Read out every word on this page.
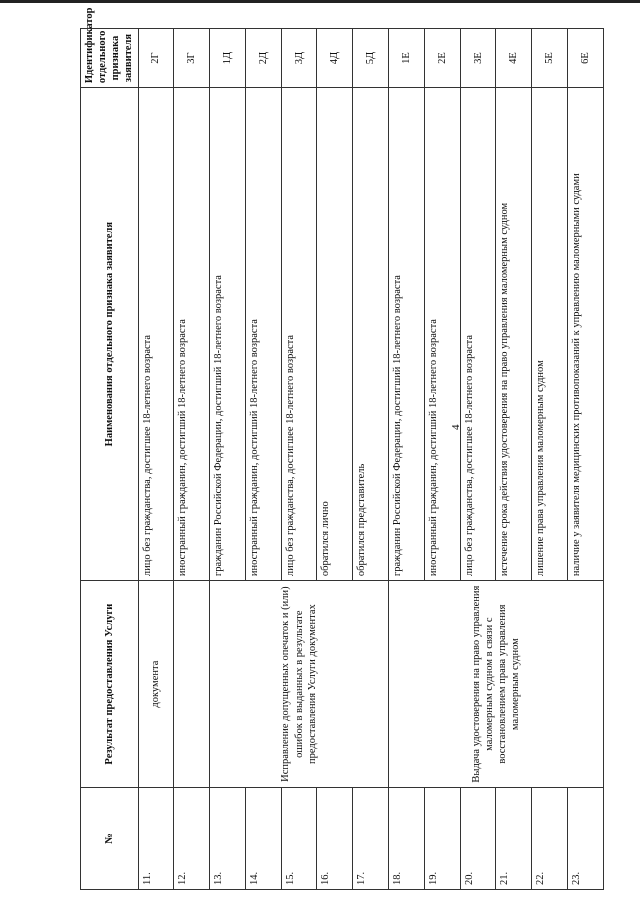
4
№	Результат предоставления Услуги	Наименования отдельного признака заявителя	Идентификатор отдельного признака заявителя
11.	документа	лицо без гражданства, достигшее 18-летнего возраста	2Г
12.		иностранный гражданин, достигший 18-летнего возраста	3Г
13.	Исправление допущенных опечаток и (или) ошибок в выданных в результате предоставления Услуги документах	гражданин Российской Федерации, достигший 18-летнего возраста	1Д
14.		иностранный гражданин, достигший 18-летнего возраста	2Д
15.		лицо без гражданства, достигшее 18-летнего возраста	3Д
16.		обратился лично	4Д
17.		обратился представитель	5Д
18.	Выдача удостоверения на право управления маломерным судном в связи с восстановлением права управления маломерным судном	гражданин Российской Федерации, достигший 18-летнего возраста	1Е
19.		иностранный гражданин, достигший 18-летнего возраста	2Е
20.		лицо без гражданства, достигшее 18-летнего возраста	3Е
21.		истечение срока действия удостоверения на право управления маломерным судном	4Е
22.		лишение права управления маломерным судном	5Е
23.		наличие у заявителя медицинских противопоказаний к управлению маломерными судами	6Е
